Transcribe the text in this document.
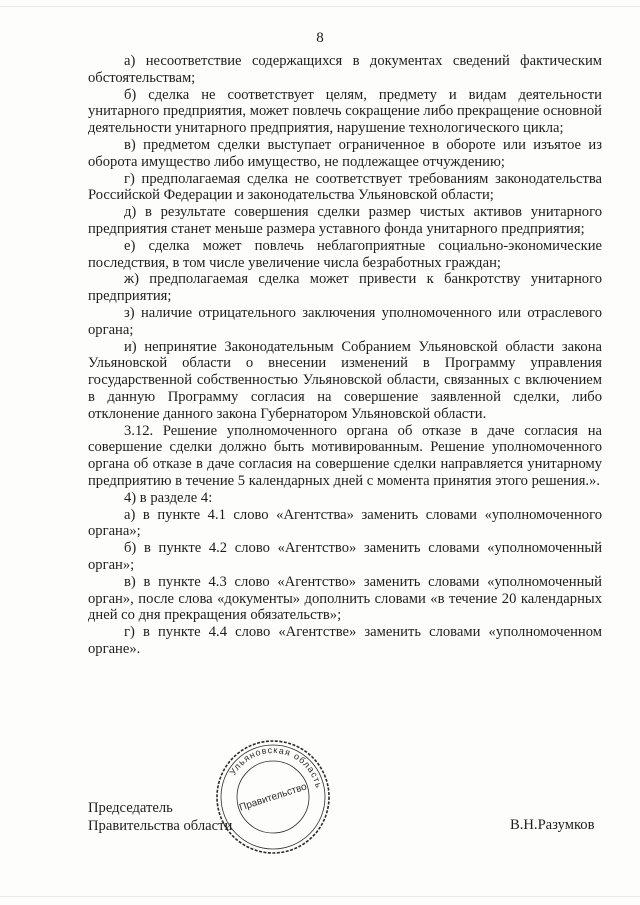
8

а) несоответствие содержащихся в документах сведений фактическим обстоятельствам;

б) сделка не соответствует целям, предмету и видам деятельности унитарного предприятия, может повлечь сокращение либо прекращение основной деятельности унитарного предприятия, нарушение технологического цикла;

в) предметом сделки выступает ограниченное в обороте или изъятое из оборота имущество либо имущество, не подлежащее отчуждению;

г) предполагаемая сделка не соответствует требованиям законодательства Российской Федерации и законодательства Ульяновской области;

д) в результате совершения сделки размер чистых активов унитарного предприятия станет меньше размера уставного фонда унитарного предприятия;

е) сделка может повлечь неблагоприятные социально-экономические последствия, в том числе увеличение числа безработных граждан;

ж) предполагаемая сделка может привести к банкротству унитарного предприятия;

з) наличие отрицательного заключения уполномоченного или отраслевого органа;

и) непринятие Законодательным Собранием Ульяновской области закона Ульяновской области о внесении изменений в Программу управления государственной собственностью Ульяновской области, связанных с включением в данную Программу согласия на совершение заявленной сделки, либо отклонение данного закона Губернатором Ульяновской области.

3.12. Решение уполномоченного органа об отказе в даче согласия на совершение сделки должно быть мотивированным. Решение уполномоченного органа об отказе в даче согласия на совершение сделки направляется унитарному предприятию в течение 5 календарных дней с момента принятия этого решения.».

4) в разделе 4:

а) в пункте 4.1 слово «Агентства» заменить словами «уполномоченного органа»;

б) в пункте 4.2 слово «Агентство» заменить словами «уполномоченный орган»;

в) в пункте 4.3 слово «Агентство» заменить словами «уполномоченный орган», после слова «документы» дополнить словами «в течение 20 календарных дней со дня прекращения обязательств»;

г) в пункте 4.4 слово «Агентстве» заменить словами «уполномоченном органе».

Председатель
Правительства области
Ульяновская область
Правительство
В.Н.Разумков
